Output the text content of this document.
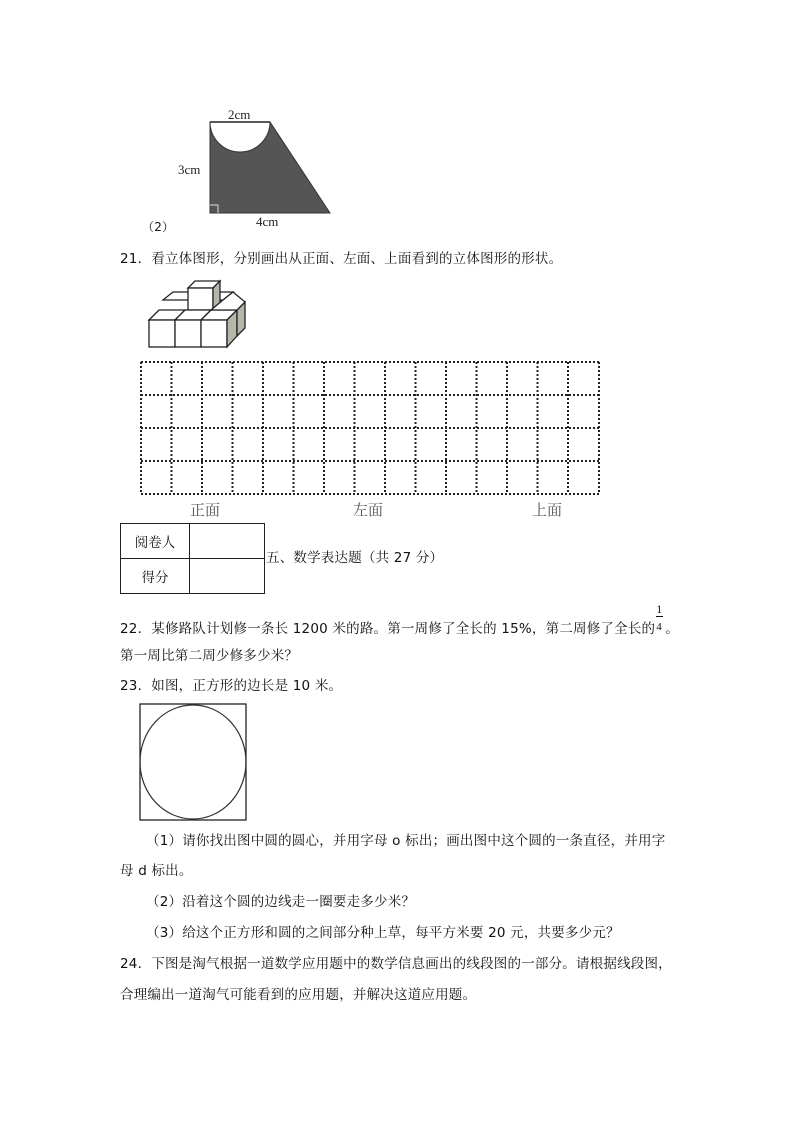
2cm
3cm
4cm
（2）
21．看立体图形，分别画出从正面、左面、上面看到的立体图形的形状。
正面	左面	上面
阅卷人	
得分	
五、数学表达题（共 27 分）
22．某修路队计划修一条长 1200 米的路。第一周修了全长的 15%，第二周修了全长的 $\frac{1}{4}$ 。
第一周比第二周少修多少米？
23．如图，正方形的边长是 10 米。
（1）请你找出图中圆的圆心，并用字母 o 标出；画出图中这个圆的一条直径，并用字
母 d 标出。
（2）沿着这个圆的边线走一圈要走多少米？
（3）给这个正方形和圆的之间部分种上草，每平方米要 20 元，共要多少元？
24．下图是淘气根据一道数学应用题中的数学信息画出的线段图的一部分。请根据线段图，
合理编出一道淘气可能看到的应用题，并解决这道应用题。
